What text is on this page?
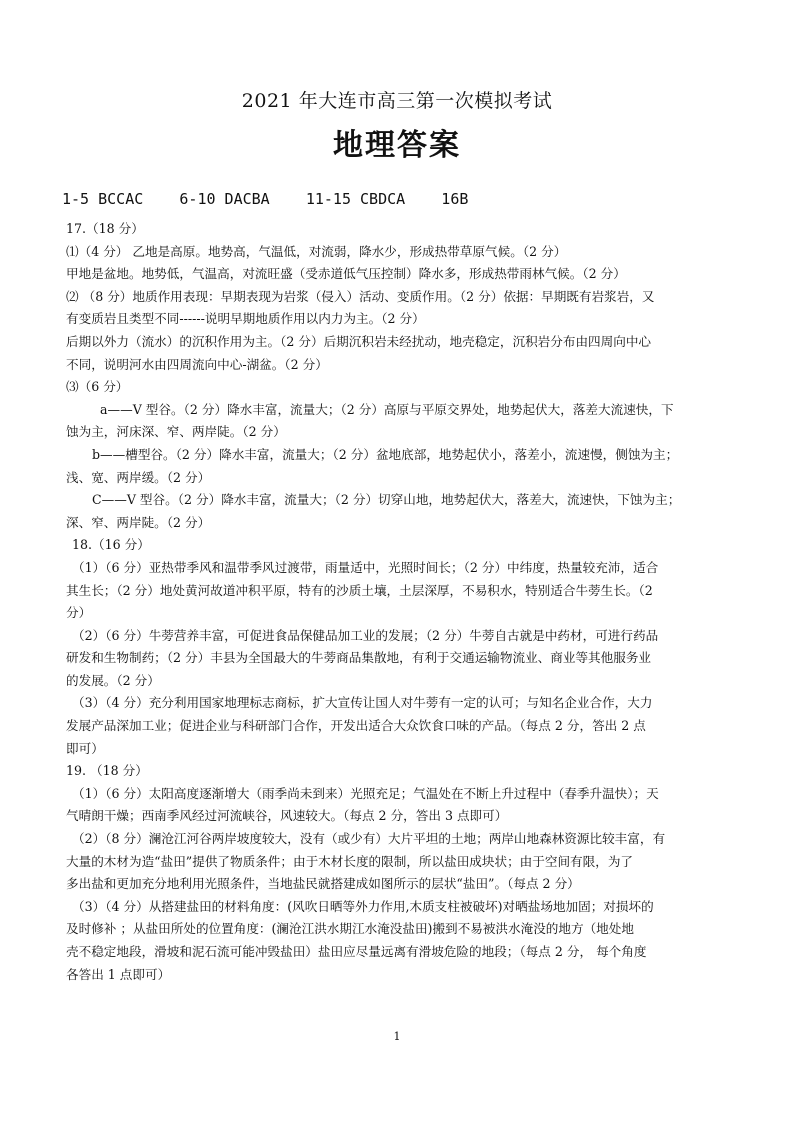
2021 年大连市高三第一次模拟考试
地理答案
1-5 BCCAC    6-10 DACBA    11-15 CBDCA    16B
17.（18 分）
⑴（4 分） 乙地是高原。地势高，气温低，对流弱，降水少，形成热带草原气候。（2 分）
甲地是盆地。地势低，气温高，对流旺盛（受赤道低气压控制）降水多，形成热带雨林气候。（2 分）
⑵ （8 分）地质作用表现：早期表现为岩浆（侵入）活动、变质作用。（2 分）依据：早期既有岩浆岩，又
有变质岩且类型不同------说明早期地质作用以内力为主。（2 分）
后期以外力（流水）的沉积作用为主。（2 分）后期沉积岩未经扰动，地壳稳定，沉积岩分布由四周向中心
不同，说明河水由四周流向中心-湖盆。（2 分）
⑶（6 分）
a——V 型谷。（2 分）降水丰富，流量大；（2 分）高原与平原交界处，地势起伏大，落差大流速快，下
蚀为主，河床深、窄、两岸陡。（2 分）
b——槽型谷。（2 分）降水丰富，流量大；（2 分）盆地底部，地势起伏小，落差小，流速慢，侧蚀为主；
浅、宽、两岸缓。（2 分）
C——V 型谷。（2 分）降水丰富，流量大；（2 分）切穿山地，地势起伏大，落差大，流速快，下蚀为主；
深、窄、两岸陡。（2 分）
18.（16 分）
（1）（6 分）亚热带季风和温带季风过渡带，雨量适中，光照时间长；（2 分）中纬度，热量较充沛，适合
其生长；（2 分）地处黄河故道冲积平原，特有的沙质土壤，土层深厚，不易积水，特别适合牛蒡生长。（2
分）
（2）（6 分）牛蒡营养丰富，可促进食品保健品加工业的发展；（2 分）牛蒡自古就是中药材，可进行药品
研发和生物制药；（2 分）丰县为全国最大的牛蒡商品集散地，有利于交通运输物流业、商业等其他服务业
的发展。（2 分）
（3）（4 分）充分利用国家地理标志商标，扩大宣传让国人对牛蒡有一定的认可；与知名企业合作，大力
发展产品深加工业；促进企业与科研部门合作，开发出适合大众饮食口味的产品。（每点 2 分，答出 2 点
即可）
19. （18 分）
（1）（6 分）太阳高度逐渐增大（雨季尚未到来）光照充足；气温处在不断上升过程中（春季升温快）；天
气晴朗干燥；西南季风经过河流峡谷，风速较大。（每点 2 分，答出 3 点即可）
（2）（8 分）澜沧江河谷两岸坡度较大，没有（或少有）大片平坦的土地；两岸山地森林资源比较丰富，有
大量的木材为造“盐田”提供了物质条件；由于木材长度的限制，所以盐田成块状；由于空间有限，为了
多出盐和更加充分地利用光照条件，当地盐民就搭建成如图所示的层状“盐田”。（每点 2 分）
（3）（4 分）从搭建盐田的材料角度：(风吹日晒等外力作用,木质支柱被破坏)对晒盐场地加固；对损坏的
及时修补 ；从盐田所处的位置角度：(澜沧江洪水期江水淹没盐田)搬到不易被洪水淹没的地方（地处地
壳不稳定地段，滑坡和泥石流可能冲毁盐田）盐田应尽量远离有滑坡危险的地段；（每点 2 分， 每个角度
各答出 1 点即可）
1
